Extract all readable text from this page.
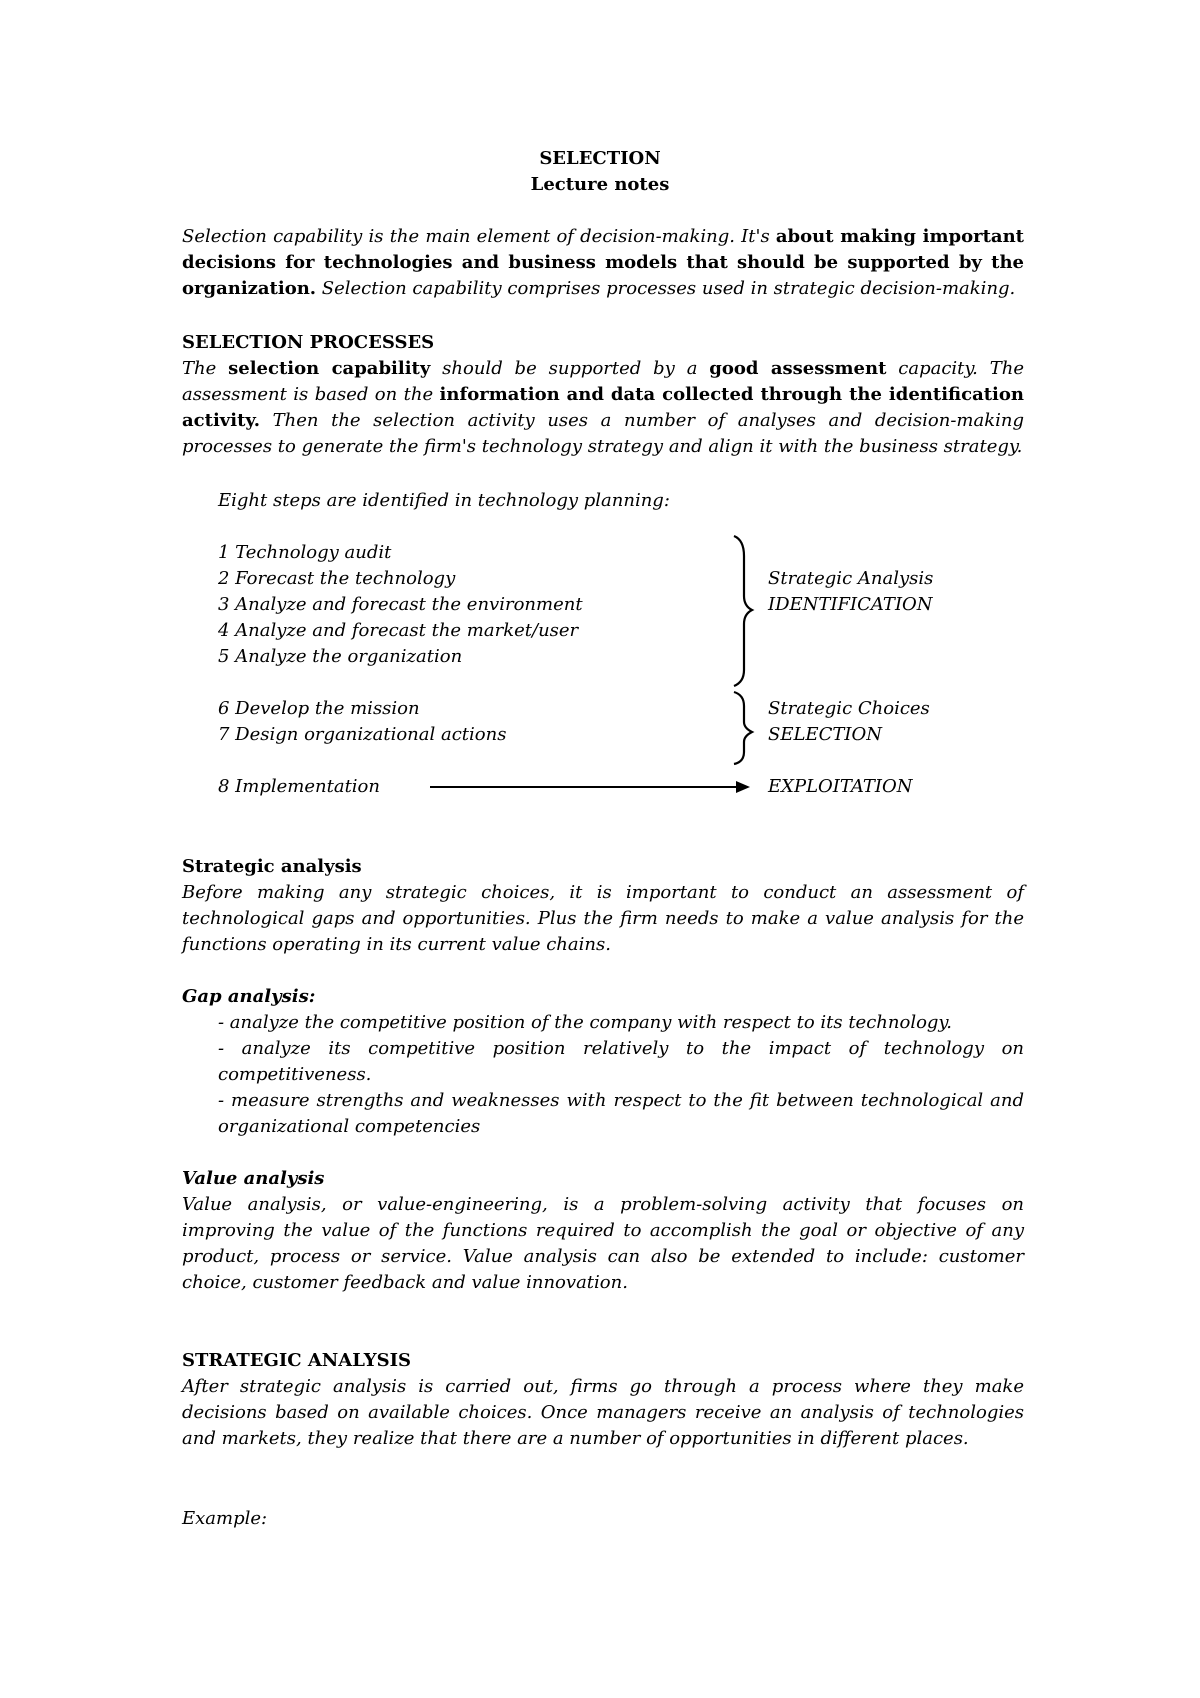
SELECTION
Lecture notes

Selection capability is the main element of decision-making. It's about making important decisions for technologies and business models that should be supported by the organization. Selection capability comprises processes used in strategic decision-making.

SELECTION PROCESSES

The selection capability should be supported by a good assessment capacity. The assessment is based on the information and data collected through the identification activity. Then the selection activity uses a number of analyses and decision-making processes to generate the firm's technology strategy and align it with the business strategy.

Eight steps are identified in technology planning:
1 Technology audit
2 Forecast the technology
3 Analyze and forecast the environment
4 Analyze and forecast the market/user
5 Analyze the organization
6 Develop the mission
7 Design organizational actions
8 Implementation
Strategic Analysis
IDENTIFICATION
Strategic Choices
SELECTION
EXPLOITATION
Strategic analysis

Before making any strategic choices, it is important to conduct an assessment of technological gaps and opportunities. Plus the firm needs to make a value analysis for the functions operating in its current value chains.

Gap analysis:

- analyze the competitive position of the company with respect to its technology.

- analyze its competitive position relatively to the impact of technology on competitiveness.

- measure strengths and weaknesses with respect to the fit between technological and organizational competencies

Value analysis

Value analysis, or value-engineering, is a problem-solving activity that focuses on improving the value of the functions required to accomplish the goal or objective of any product, process or service. Value analysis can also be extended to include: customer choice, customer feedback and value innovation.

STRATEGIC ANALYSIS

After strategic analysis is carried out, firms go through a process where they make decisions based on available choices. Once managers receive an analysis of technologies and markets, they realize that there are a number of opportunities in different places.

Example:
